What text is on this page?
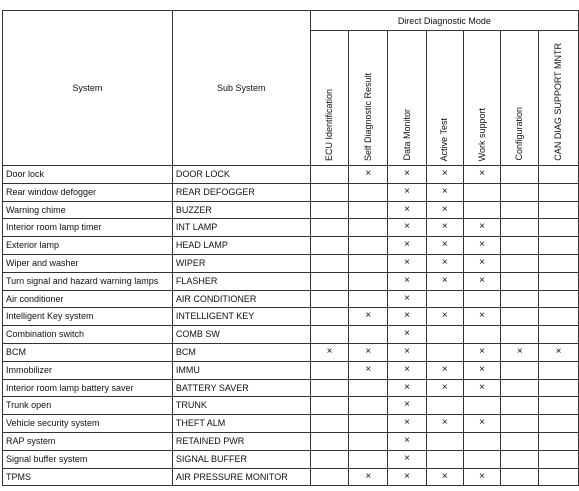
System	Sub System	Direct Diagnostic Mode						

		ECU Identification	Self Diagnostic Result	Data Monitor	Active Test	Work support	Configuration	CAN DIAG SUPPORT MNTR

Door lock	DOOR LOCK		×	×	×	×		
Rear window defogger	REAR DEFOGGER			×	×			
Warning chime	BUZZER			×	×			
Interior room lamp timer	INT LAMP			×	×	×		
Exterior lamp	HEAD LAMP			×	×	×		
Wiper and washer	WIPER			×	×	×		
Turn signal and hazard warning lamps	FLASHER			×	×	×		
Air conditioner	AIR CONDITIONER			×				
Intelligent Key system	INTELLIGENT KEY		×	×	×	×		
Combination switch	COMB SW			×				
BCM	BCM	×	×	×		×	×	×
Immobilizer	IMMU		×	×	×	×		
Interior room lamp battery saver	BATTERY SAVER			×	×	×		
Trunk open	TRUNK			×				
Vehicle security system	THEFT ALM			×	×	×		
RAP system	RETAINED PWR			×				
Signal buffer system	SIGNAL BUFFER			×				
TPMS	AIR PRESSURE MONITOR		×	×	×	×		
